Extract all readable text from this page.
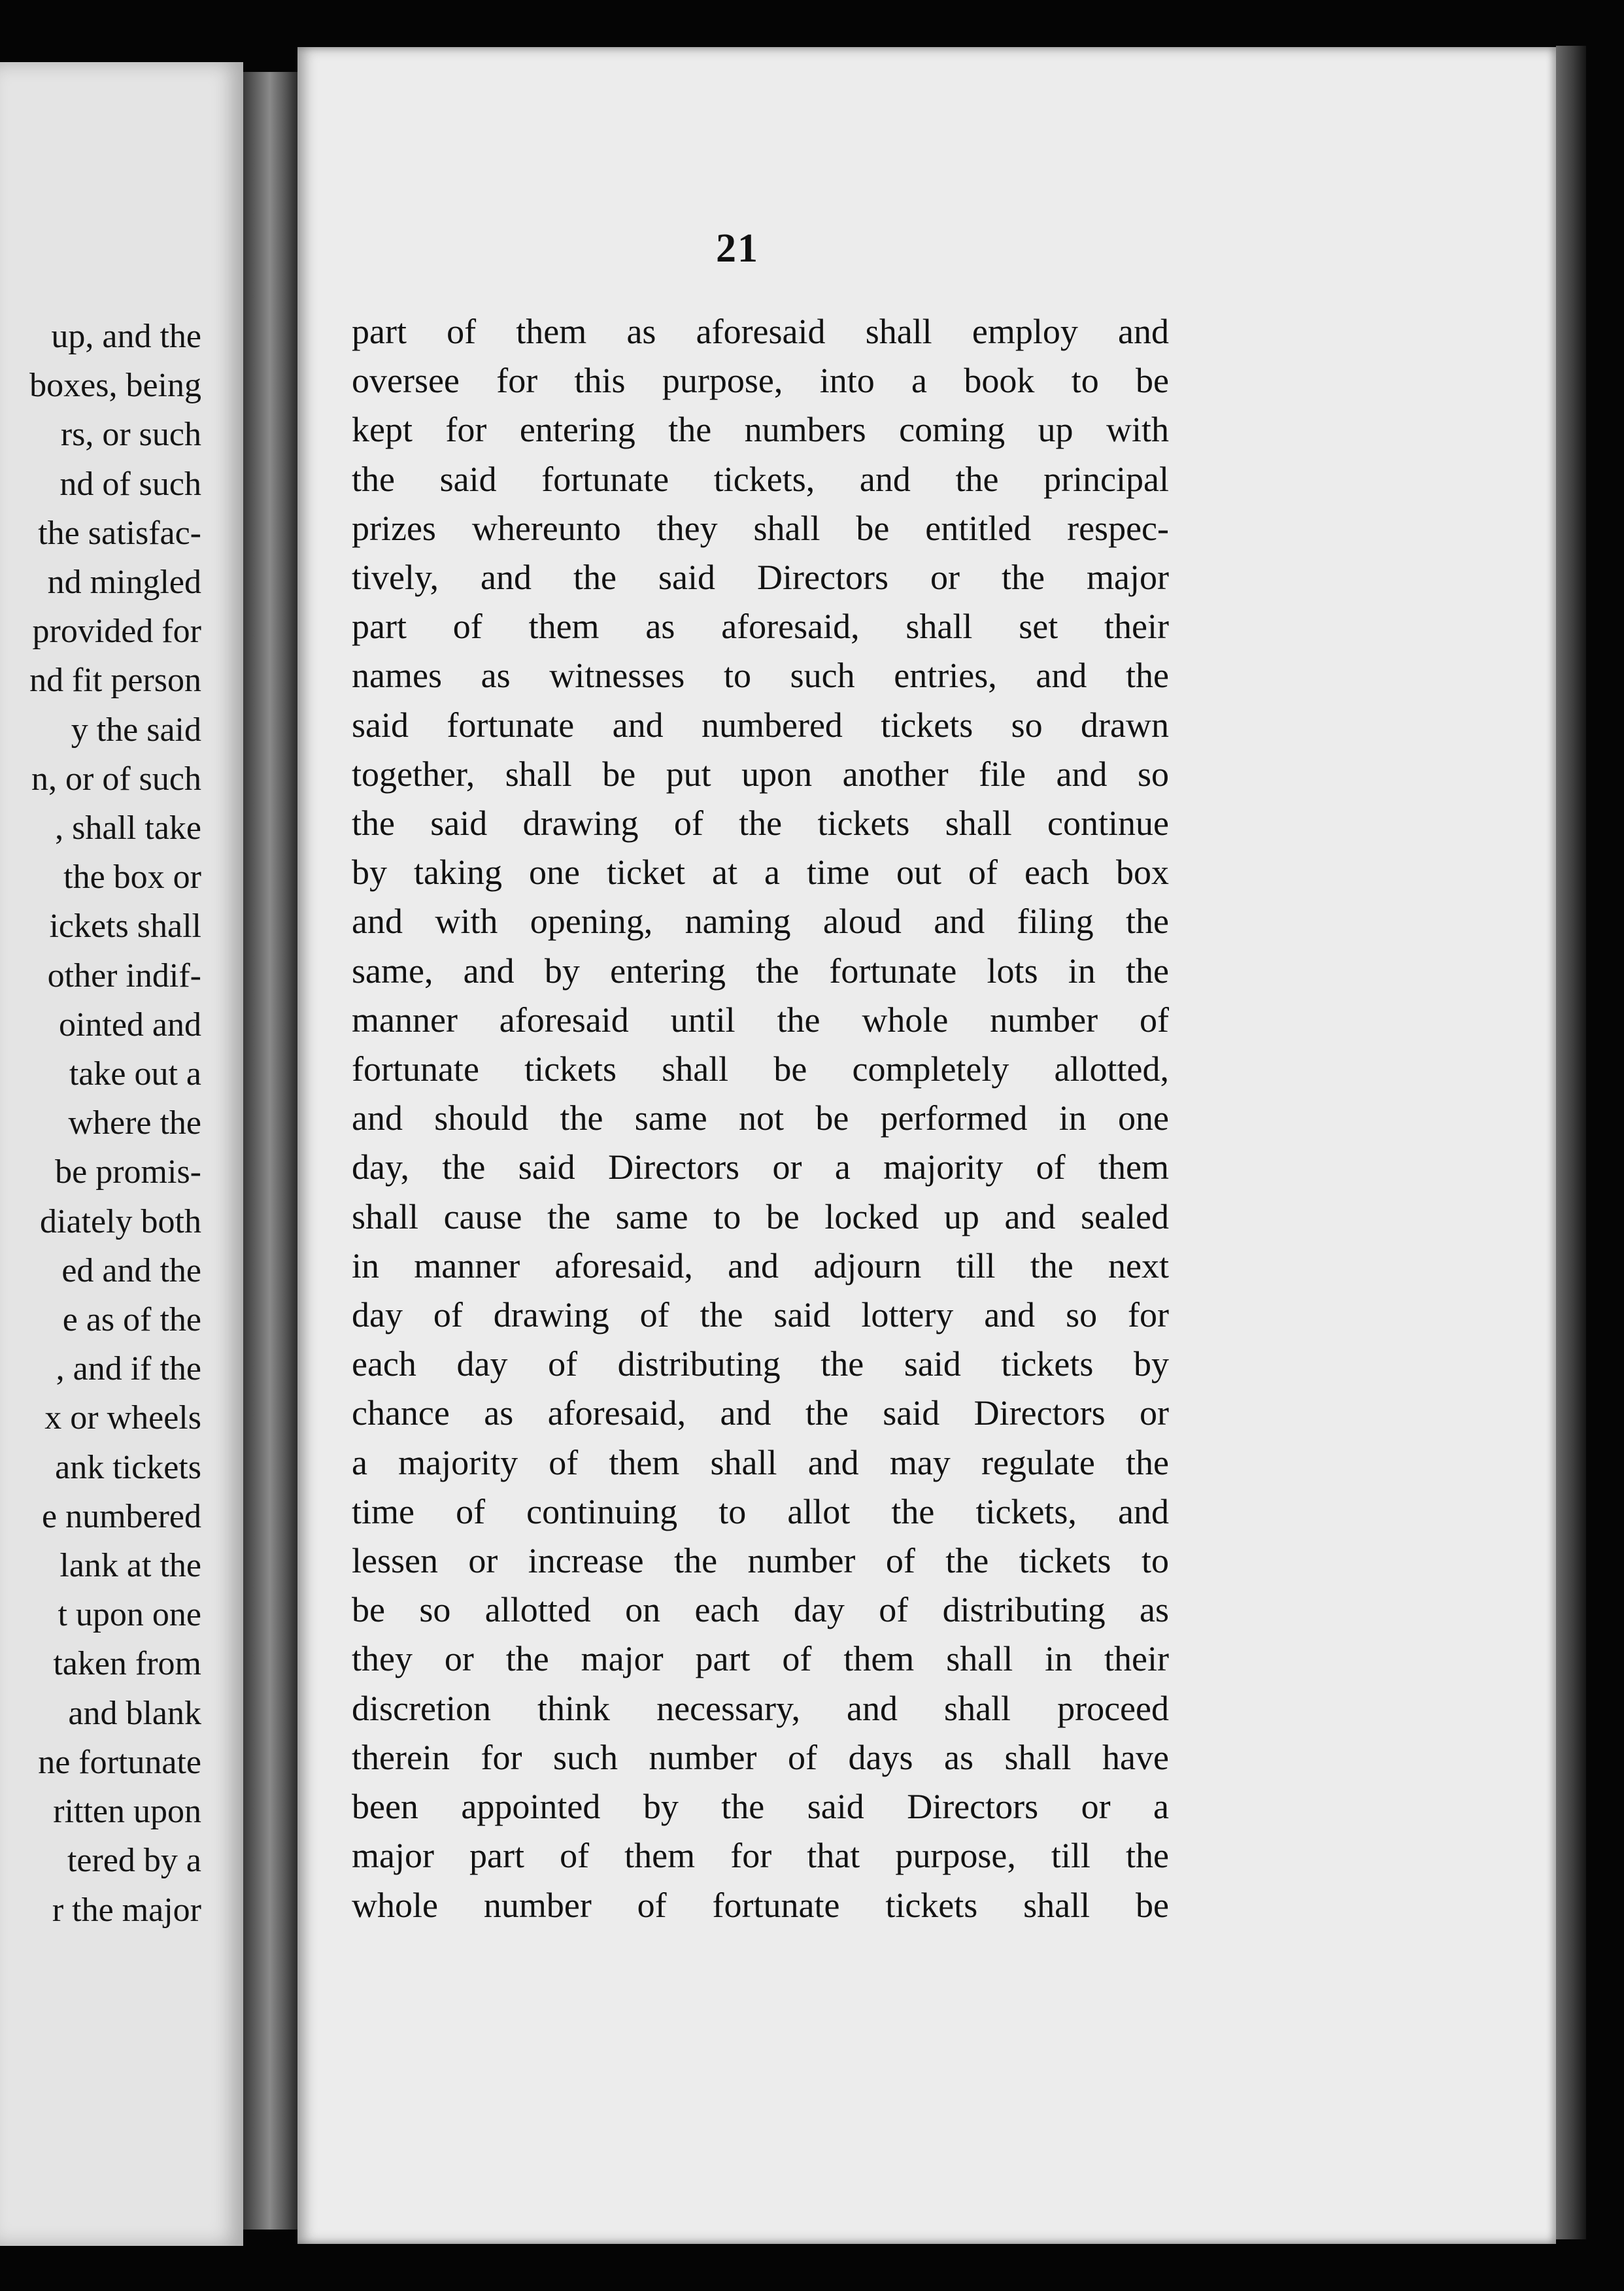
up, and the
boxes, being
rs, or such
nd of such
the satisfac-
nd mingled
provided for
nd fit person
y the said
n, or of such
, shall take
the box or
ickets shall
other indif-
ointed and
take out a
where the
be promis-
diately both
ed and the
e as of the
, and if the
x or wheels
ank tickets
e numbered
lank at the
t upon one
taken from
and blank
ne fortunate
ritten upon
tered by a
r the major
21
part of them as aforesaid shall employ and
oversee for this purpose, into a book to be
kept for entering the numbers coming up with
the said fortunate tickets, and the principal
prizes whereunto they shall be entitled respec-
tively, and the said Directors or the major
part of them as aforesaid, shall set their
names as witnesses to such entries, and the
said fortunate and numbered tickets so drawn
together, shall be put upon another file and so
the said drawing of the tickets shall continue
by taking one ticket at a time out of each box
and with opening, naming aloud and filing the
same, and by entering the fortunate lots in the
manner aforesaid until the whole number of
fortunate tickets shall be completely allotted,
and should the same not be performed in one
day, the said Directors or a majority of them
shall cause the same to be locked up and sealed
in manner aforesaid, and adjourn till the next
day of drawing of the said lottery and so for
each day of distributing the said tickets by
chance as aforesaid, and the said Directors or
a majority of them shall and may regulate the
time of continuing to allot the tickets, and
lessen or increase the number of the tickets to
be so allotted on each day of distributing as
they or the major part of them shall in their
discretion think necessary, and shall proceed
therein for such number of days as shall have
been appointed by the said Directors or a
major part of them for that purpose, till the
whole number of fortunate tickets shall be
